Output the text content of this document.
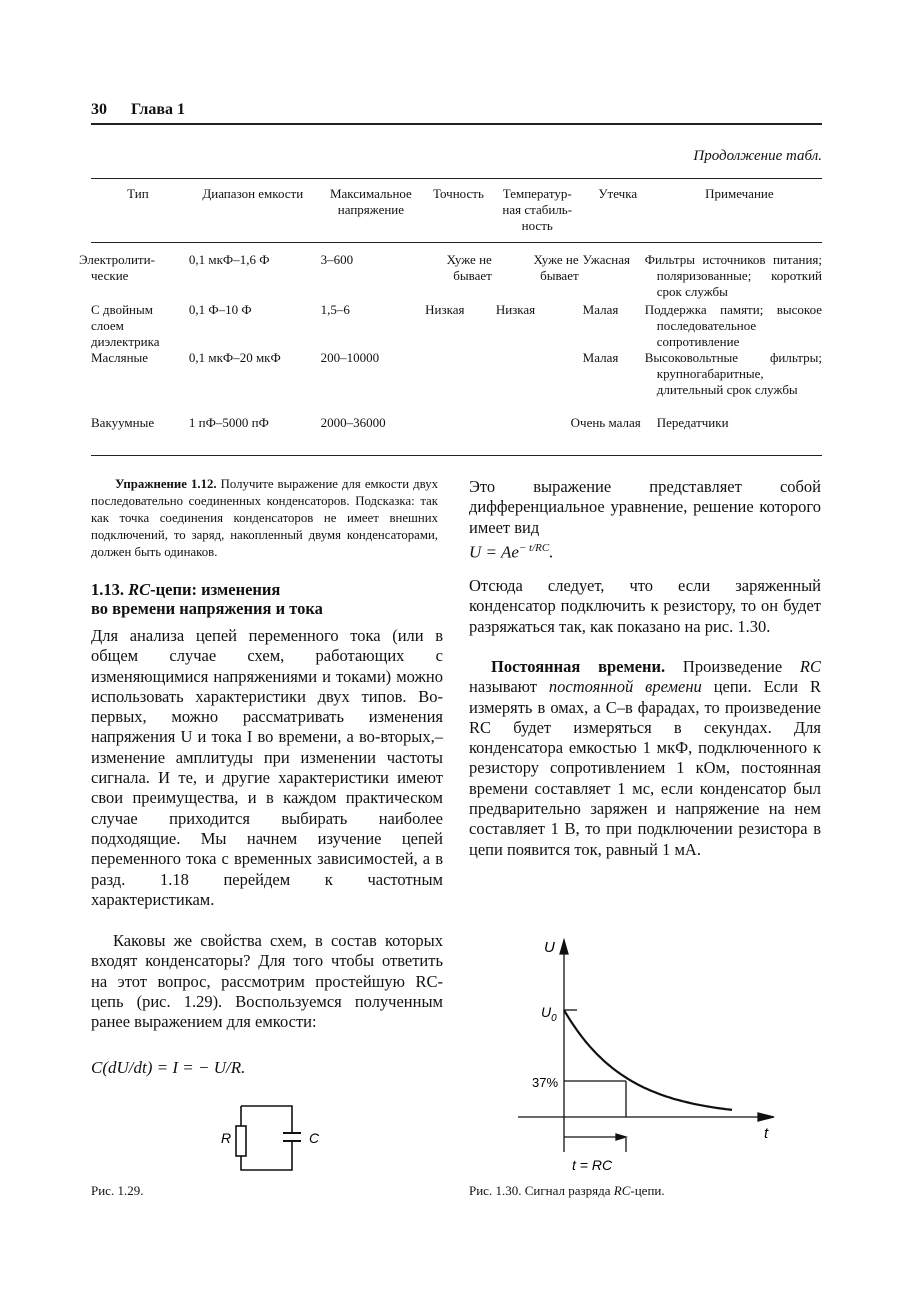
30 Глава 1
Продолжение табл.
Тип	Диапазон емкости	Максимальное напряжение	Точность	Температур-ная стабиль-ность	Утечка	Примечание

Электролити-ческие	0,1 мкФ–1,6 Ф	3–600	Хуже не бывает	Хуже не бывает	Ужасная	Фильтры источников питания; поляризованные; короткий срок службы
С двойным слоем диэлектрика	0,1 Ф–10 Ф	1,5–6	Низкая	Низкая	Малая	Поддержка памяти; высокое последовательное сопротивление
Масляные	0,1 мкФ–20 мкФ	200–10000			Малая	Высоковольтные фильтры; крупногабаритные, длительный срок службы
Вакуумные	1 пФ–5000 пФ	2000–36000			Очень малая	Передатчики
Упражнение 1.12. Получите выражение для емкости двух последовательно соединенных конденсаторов. Подсказка: так как точка соединения конденсаторов не имеет внешних подключений, то заряд, накопленный двумя конденсаторами, должен быть одинаков.
1.13. RC-цепи: изменения
во времени напряжения и тока
Для анализа цепей переменного тока (или в общем случае схем, работающих с изменяющимися напряжениями и токами) можно использовать характеристики двух типов. Во-первых, можно рассматривать изменения напряжения U и тока I во времени, а во-вторых,– изменение амплитуды при изменении частоты сигнала. И те, и другие характеристики имеют свои преимущества, и в каждом практическом случае приходится выбирать наиболее подходящие. Мы начнем изучение цепей переменного тока с временных зависимостей, а в разд. 1.18 перейдем к частотным характеристикам.
Каковы же свойства схем, в состав которых входят конденсаторы? Для того чтобы ответить на этот вопрос, рассмотрим простейшую RC-цепь (рис. 1.29). Воспользуемся полученным ранее выражением для емкости:
C(dU/dt) = I = − U/R.
Это выражение представляет собой дифференциальное уравнение, решение которого имеет вид
$U = Ae^{- t/RC}$.
Отсюда следует, что если заряженный конденсатор подключить к резистору, то он будет разряжаться так, как показано на рис. 1.30.
Постоянная времени. Произведение RC называют постоянной времени цепи. Если R измерять в омах, а C–в фарадах, то произведение RC будет измеряться в секундах. Для конденсатора емкостью 1 мкФ, подключенного к резистору сопротивлением 1 кОм, постоянная времени составляет 1 мс, если конденсатор был предварительно заряжен и напряжение на нем составляет 1 В, то при подключении резистора в цепи появится ток, равный 1 мА.
R	C
Рис. 1.29.
U
t
$U_0$
37%
t = RC
Рис. 1.30. Сигнал разряда RC-цепи.
